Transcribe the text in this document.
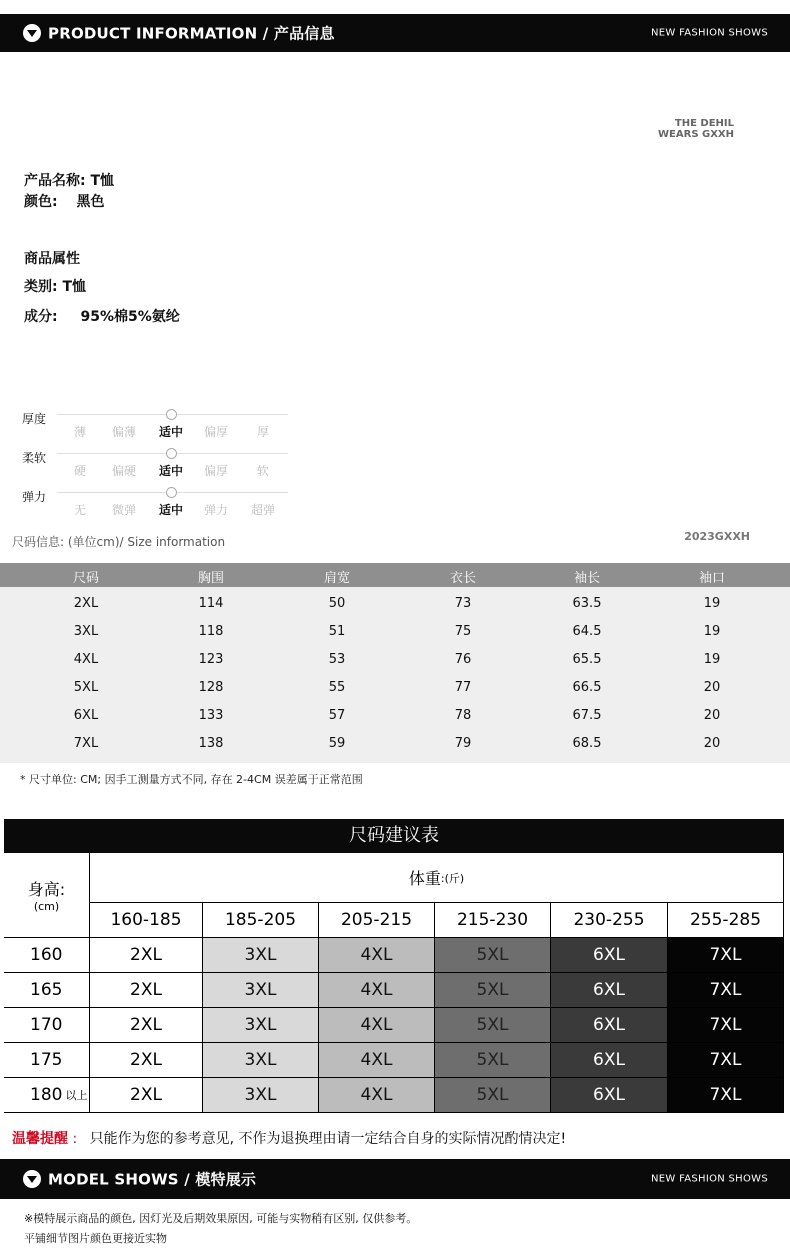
PRODUCT INFORMATION / 产品信息	NEW FASHION SHOWS
THE DEHIL
WEARS GXXH
产品名称: T恤
颜色: 黑色
商品属性
类别: T恤
成分: 95%棉5%氨纶
厚度
薄	偏薄	适中	偏厚	厚
柔软
硬	偏硬	适中	偏厚	软
弹力
无	微弹	适中	弹力	超弹
尺码信息: (单位cm)/ Size information	2023GXXH
尺码	胸围	肩宽	衣长	袖长	袖口
2XL	114	50	73	63.5	19
3XL	118	51	75	64.5	19
4XL	123	53	76	65.5	19
5XL	128	55	77	66.5	20
6XL	133	57	78	67.5	20
7XL	138	59	79	68.5	20
* 尺寸单位: CM; 因手工测量方式不同, 存在 2-4CM 误差属于正常范围
尺码建议表
身高:
(cm)
体重 :(斤)
160-185	185-205	205-215	215-230	230-255	255-285
160	2XL	3XL	4XL	5XL	6XL	7XL
165	2XL	3XL	4XL	5XL	6XL	7XL
170	2XL	3XL	4XL	5XL	6XL	7XL
175	2XL	3XL	4XL	5XL	6XL	7XL
180 以上	2XL	3XL	4XL	5XL	6XL	7XL
温馨提醒 : 只能作为您的参考意见, 不作为退换理由请一定结合自身的实际情况酌情决定!
MODEL SHOWS / 模特展示	NEW FASHION SHOWS
※模特展示商品的颜色, 因灯光及后期效果原因, 可能与实物稍有区别, 仅供参考。
平铺细节图片颜色更接近实物
